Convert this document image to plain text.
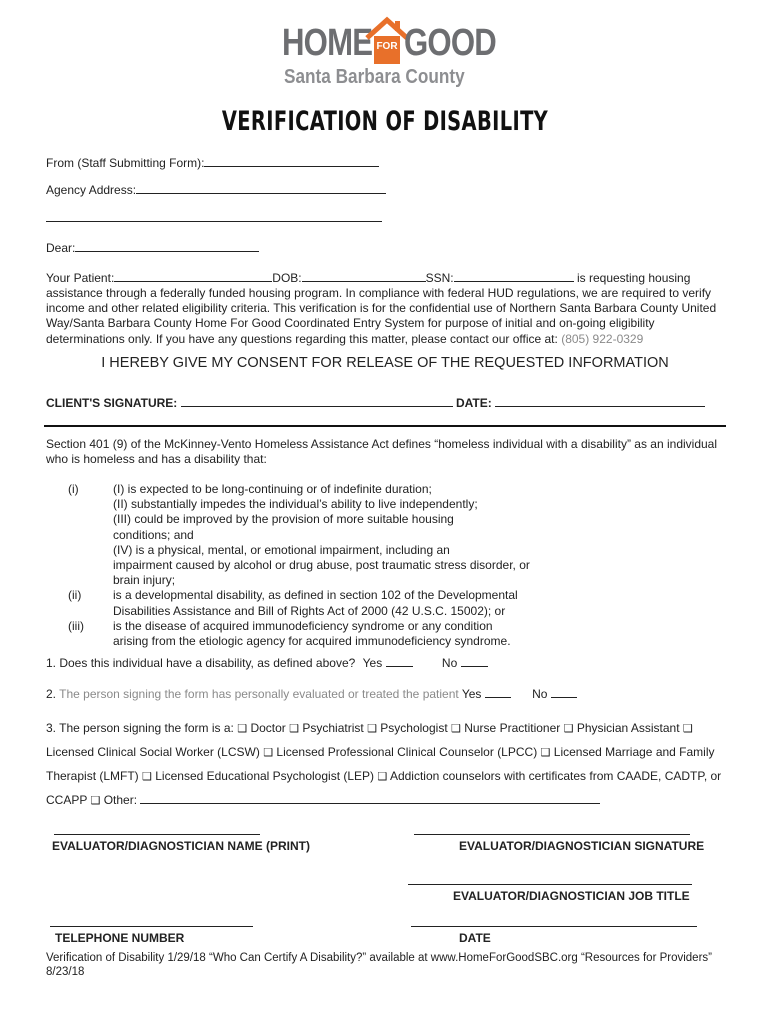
HOME FOR GOOD
Santa Barbara County
VERIFICATION OF DISABILITY
From (Staff Submitting Form):
Agency Address:
Dear:
Your Patient:	DOB:	SSN:	is requesting housing
assistance through a federally funded housing program. In compliance with federal HUD regulations, we are required to verify income and other related eligibility criteria. This verification is for the confidential use of Northern Santa Barbara County United Way/Santa Barbara County Home For Good Coordinated Entry System for purpose of initial and on-going eligibility determinations only. If you have any questions regarding this matter, please contact our office at: (805) 922-0329
I HEREBY GIVE MY CONSENT FOR RELEASE OF THE REQUESTED INFORMATION
CLIENT'S SIGNATURE:	DATE:
Section 401 (9) of the McKinney-Vento Homeless Assistance Act defines “homeless individual with a disability” as an individual who is homeless and has a disability that:
(i)	(I) is expected to be long-continuing or of indefinite duration;
(II) substantially impedes the individual’s ability to live independently;
(III) could be improved by the provision of more suitable housing
conditions; and
(IV) is a physical, mental, or emotional impairment, including an
impairment caused by alcohol or drug abuse, post traumatic stress disorder, or
brain injury;
(ii)	is a developmental disability, as defined in section 102 of the Developmental
Disabilities Assistance and Bill of Rights Act of 2000 (42 U.S.C. 15002); or
(iii) is the disease of acquired immunodeficiency syndrome or any condition
arising from the etiologic agency for acquired immunodeficiency syndrome.
1. Does this individual have a disability, as defined above? Yes	No
2. The person signing the form has personally evaluated or treated the patient Yes	No
3. The person signing the form is a: ❑ Doctor ❑ Psychiatrist ❑ Psychologist ❑ Nurse Practitioner ❑ Physician Assistant ❑ Licensed Clinical Social Worker (LCSW) ❑ Licensed Professional Clinical Counselor (LPCC) ❑ Licensed Marriage and Family Therapist (LMFT) ❑ Licensed Educational Psychologist (LEP) ❑ Addiction counselors with certificates from CAADE, CADTP, or CCAPP ❑ Other:
EVALUATOR/DIAGNOSTICIAN NAME (PRINT)	EVALUATOR/DIAGNOSTICIAN SIGNATURE
EVALUATOR/DIAGNOSTICIAN JOB TITLE
TELEPHONE NUMBER	DATE
Verification of Disability 1/29/18 “Who Can Certify A Disability?” available at www.HomeForGoodSBC.org “Resources for Providers”
8/23/18
